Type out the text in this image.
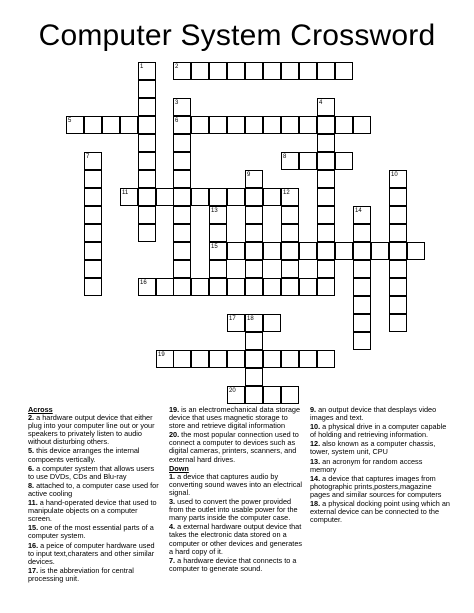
Computer System Crossword
1	2
3	4
5	6
7	8
9	10
11	12
13	14
15
16
17 18
19
20
Across
2. a hardware output device that either plug into your computer line out or your speakers to privately listen to audio without disturbing others.
5. this device arranges the internal compoents vertically.
6. a computer system that allows users to use DVDs, CDs and Blu-ray
8. attached to, a computer case used for active cooling
11. a hand-operated device that used to manipulate objects on a computer screen.
15. one of the most essential parts of a computer system.
16. a peice of computer hardware used to input text,charaters and other similar devices.
17. is the abbreviation for central processing unit.
19. is an electromechanical data storage device that uses magnetic storage to store and retrieve digital information
20. the most popular connection used to connect a computer to devices such as digital cameras, printers, scanners, and external hard drives.
Down
1. a device that captures audio by converting sound waves into an electrical signal.
3. used to convert the power provided from the outlet into usable power for the many parts inside the computer case.
4. a external hardware output device that takes the electronic data stored on a computer or other devices and generates a hard copy of it.
7. a hardware device that connects to a computer to generate sound.
9. an output device that desplays video images and text.
10. a physical drive in a computer capable of holding and retrieving information.
12. also known as a computer chassis, tower, system unit, CPU
13. an acronym for random access memory
14. a device that captures images from photographic prints,posters,magazine pages and similar sources for computers
18. a physical docking point using which an external device can be connected to the computer.
